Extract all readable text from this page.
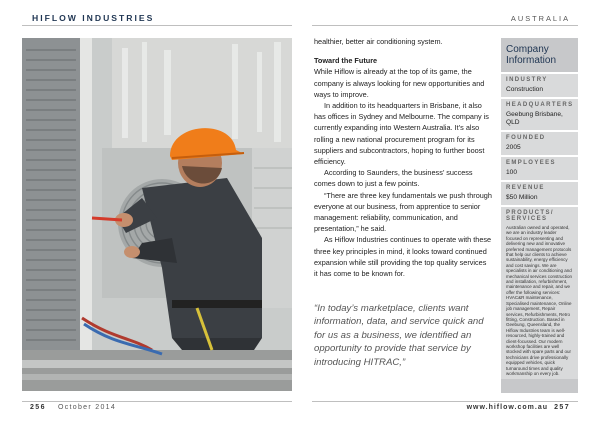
HIFLOW INDUSTRIES	AUSTRALIA

healthier, better air conditioning system.

Toward the Future

While Hiflow is already at the top of its game, the company is always looking for new opportunities and ways to improve.

In addition to its headquarters in Brisbane, it also has offices in Sydney and Melbourne. The company is currently expanding into Western Australia. It’s also rolling a new national procurement program for its suppliers and subcontractors, hoping to further boost efficiency.

According to Saunders, the business’ success comes down to just a few points.

“There are three key fundamentals we push through everyone at our business, from apprentice to senior management: reliability, communication, and presentation,” he said.

As Hiflow Industries continues to operate with these three key principles in mind, it looks toward continued expansion while still providing the top quality services it has come to be known for.

“In today’s marketplace, clients want information, data, and service quick and for us as a business, we identified an opportunity to provide that service by introducing HITRAC,”
Company
Information
INDUSTRY
Construction
HEADQUARTERS
Geebung Brisbane, QLD
FOUNDED
2005
EMPLOYEES
100
REVENUE
$50 Million
PRODUCTS/ SERVICES
Australian owned and operated, we are an industry leader focused on representing and delivering new and innovative preferred management protocols that help our clients to achieve sustainability, energy efficiency and cost savings. We are specialists in air conditioning and mechanical services construction and installation, refurbishment, maintenance and repair, and we offer the following services: HVAC&R maintenance, Specialised maintenance, Online job management, Repair services, Refurbishments, Retro fitting, Construction. Based in Geebung, Queensland, the Hiflow Industries team is well-resourced, highly-trained and client-focussed. Our modern workshop facilities are well stocked with spare parts and our technicians drive professionally equipped vehicles, quick turnaround times and quality workmanship on every job.
256 October 2014	www.hiflow.com.au 257
